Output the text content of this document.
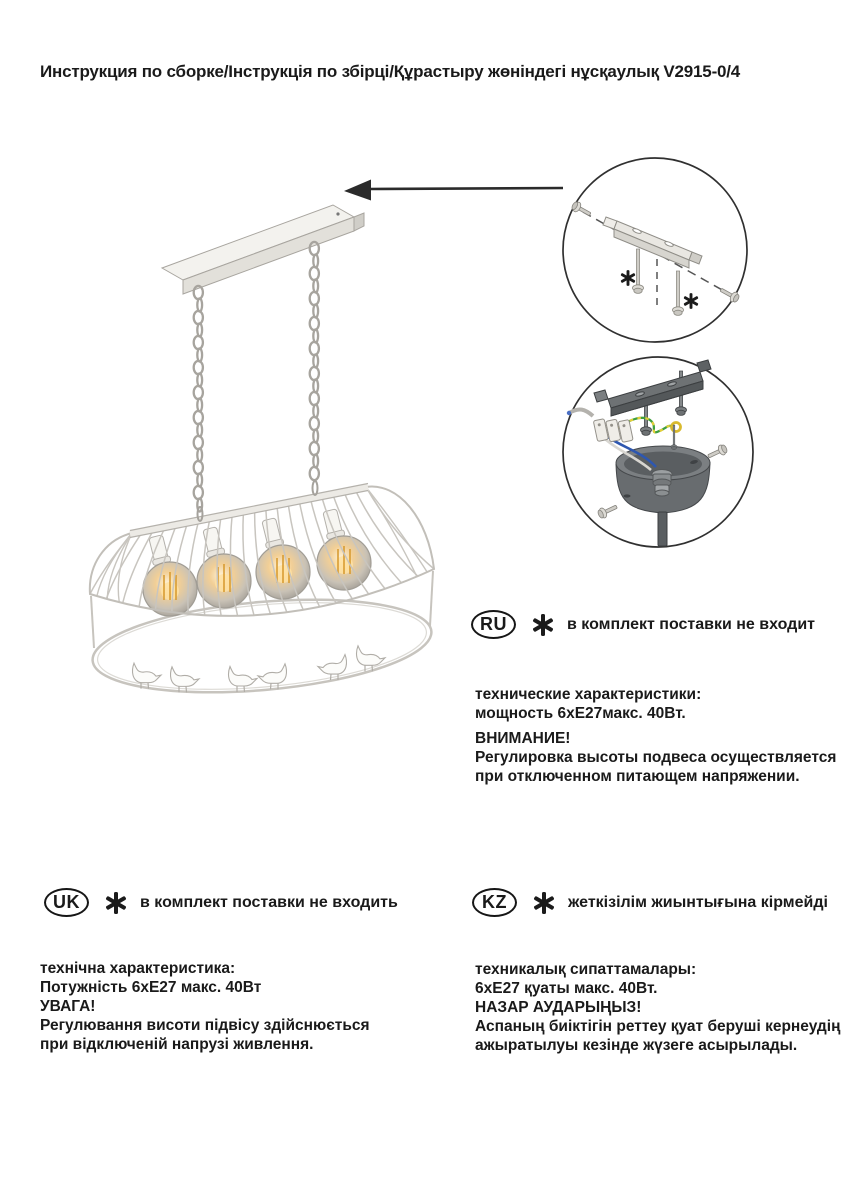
Инструкция по сборке/Інструкція по збірці/Құрастыру жөніндегі нұсқаулық V2915-0/4
RU	в комплект поставки не входит
технические характеристики:
мощность 6хЕ27макс. 40Вт.
ВНИМАНИЕ!
Регулировка высоты подвеса осуществляется
при отключенном питающем напряжении.
UK	в комплект поставки не входить
технічна характеристика:
Потужність 6хЕ27 макс. 40Вт
УВАГА!
Регулювання висоти підвісу здійснюється
при відключеній напрузі живлення.
KZ	жеткізілім жиынтығына кірмейді
техникалық сипаттамалары:
6хЕ27 қуаты макс. 40Вт.
НАЗАР АУДАРЫҢЫЗ!
Аспаның биіктігін реттеу қуат беруші кернеудің
ажыратылуы кезінде жүзеге асырылады.
